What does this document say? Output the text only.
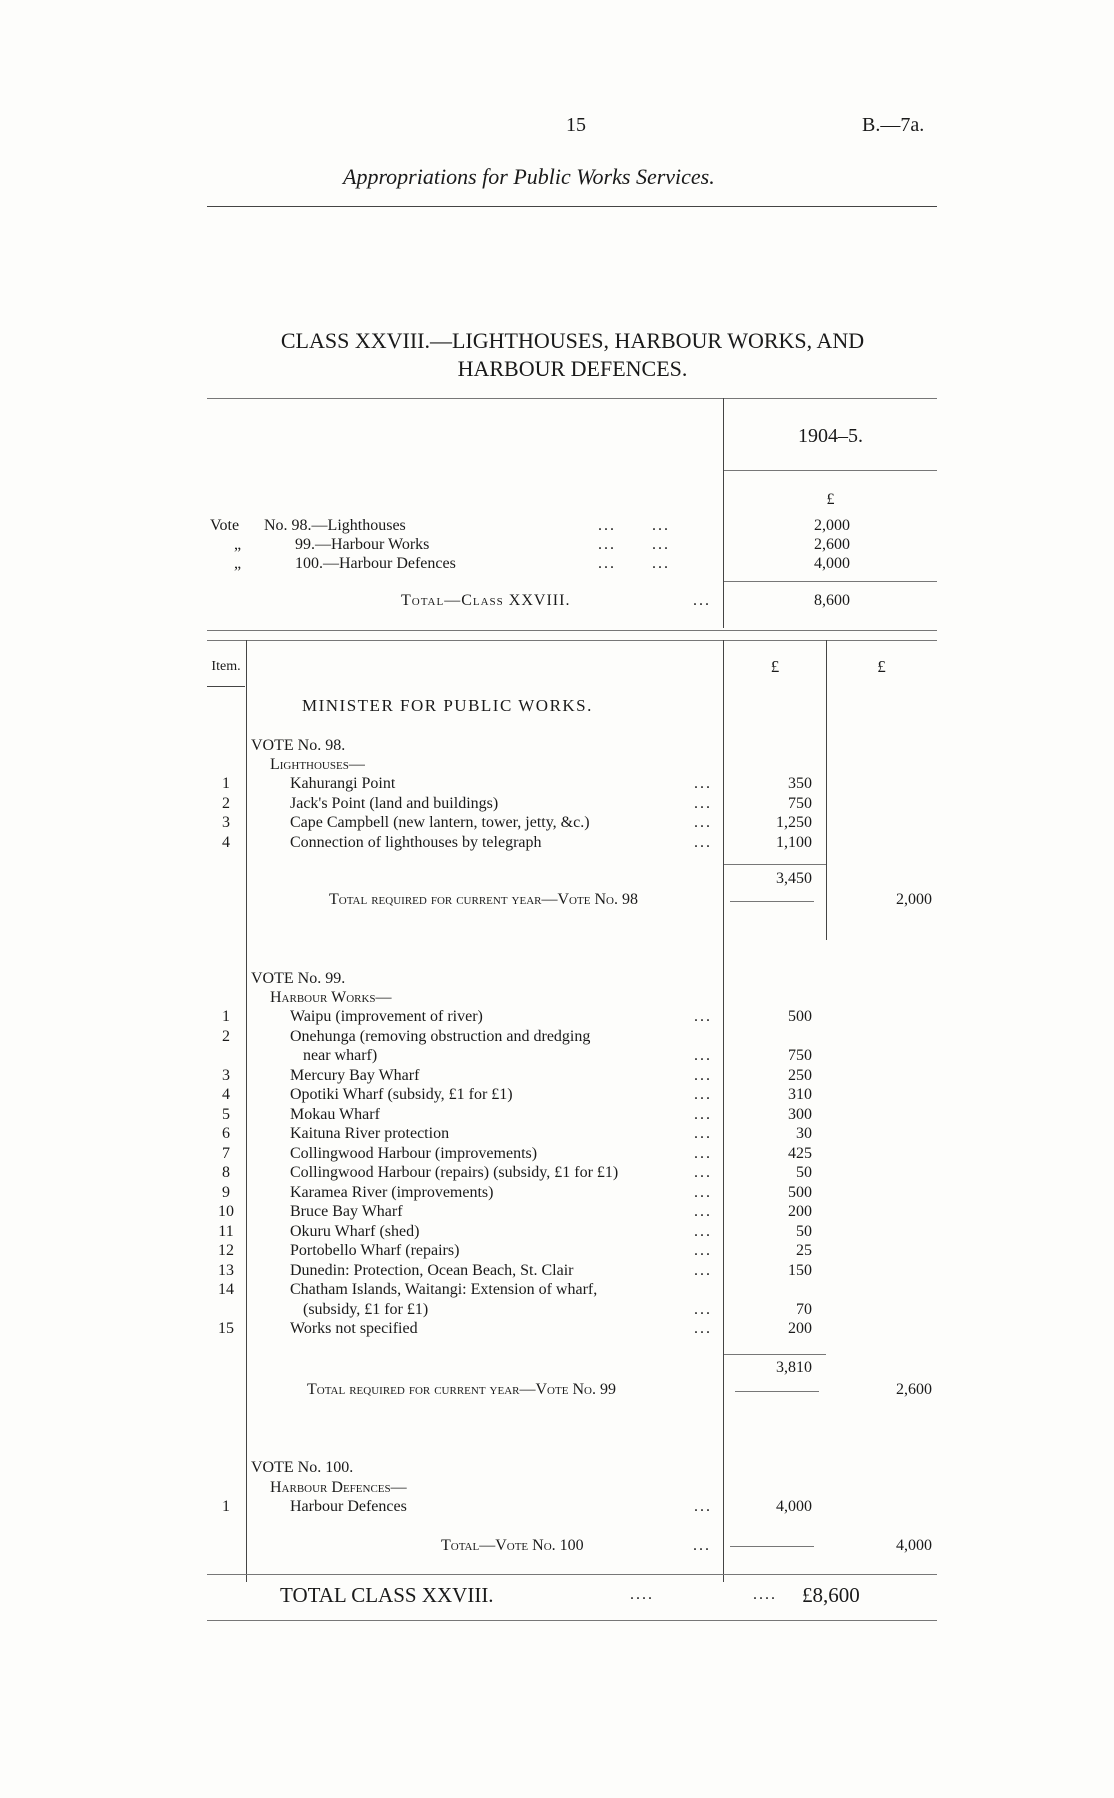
15	B.—7a.
Appropriations for Public Works Services.
CLASS XXVIII.—LIGHTHOUSES, HARBOUR WORKS, AND
HARBOUR DEFENCES.
1904–5.
£
Vote No. 98.—Lighthouses	...      ...	2,000
„	99.—Harbour Works	...      ...	2,600
„	100.—Harbour Defences	...      ...	4,000
Total—Class XXVIII.	...	8,600
Item.	£	£
MINISTER FOR PUBLIC WORKS.
VOTE No. 98.
Lighthouses—
1	Kahurangi Point	...	350
2	Jack's Point (land and buildings)	...	750
3	Cape Campbell (new lantern, tower, jetty, &c.)	...	1,250
4	Connection of lighthouses by telegraph	...	1,100
3,450
Total required for current year—Vote No. 98	2,000
VOTE No. 99.
Harbour Works—
1	Waipu (improvement of river)	...	500
2	Onehunga (removing obstruction and dredging
near wharf)	...	750
3	Mercury Bay Wharf	...	250
4	Opotiki Wharf (subsidy, £1 for £1)	...	310
5	Mokau Wharf	...	300
6	Kaituna River protection	...	30
7	Collingwood Harbour (improvements)	...	425
8	Collingwood Harbour (repairs) (subsidy, £1 for £1)	...	50
9	Karamea River (improvements)	...	500
10	Bruce Bay Wharf	...	200
11	Okuru Wharf (shed)	...	50
12	Portobello Wharf (repairs)	...	25
13	Dunedin: Protection, Ocean Beach, St. Clair	...	150
14	Chatham Islands, Waitangi: Extension of wharf,
(subsidy, £1 for £1)	...	70
15	Works not specified	...	200
3,810
Total required for current year—Vote No. 99	2,600
VOTE No. 100.
Harbour Defences—
1	Harbour Defences	...	4,000
Total—Vote No. 100	...	4,000
TOTAL CLASS XXVIII.	....	.... £8,600
